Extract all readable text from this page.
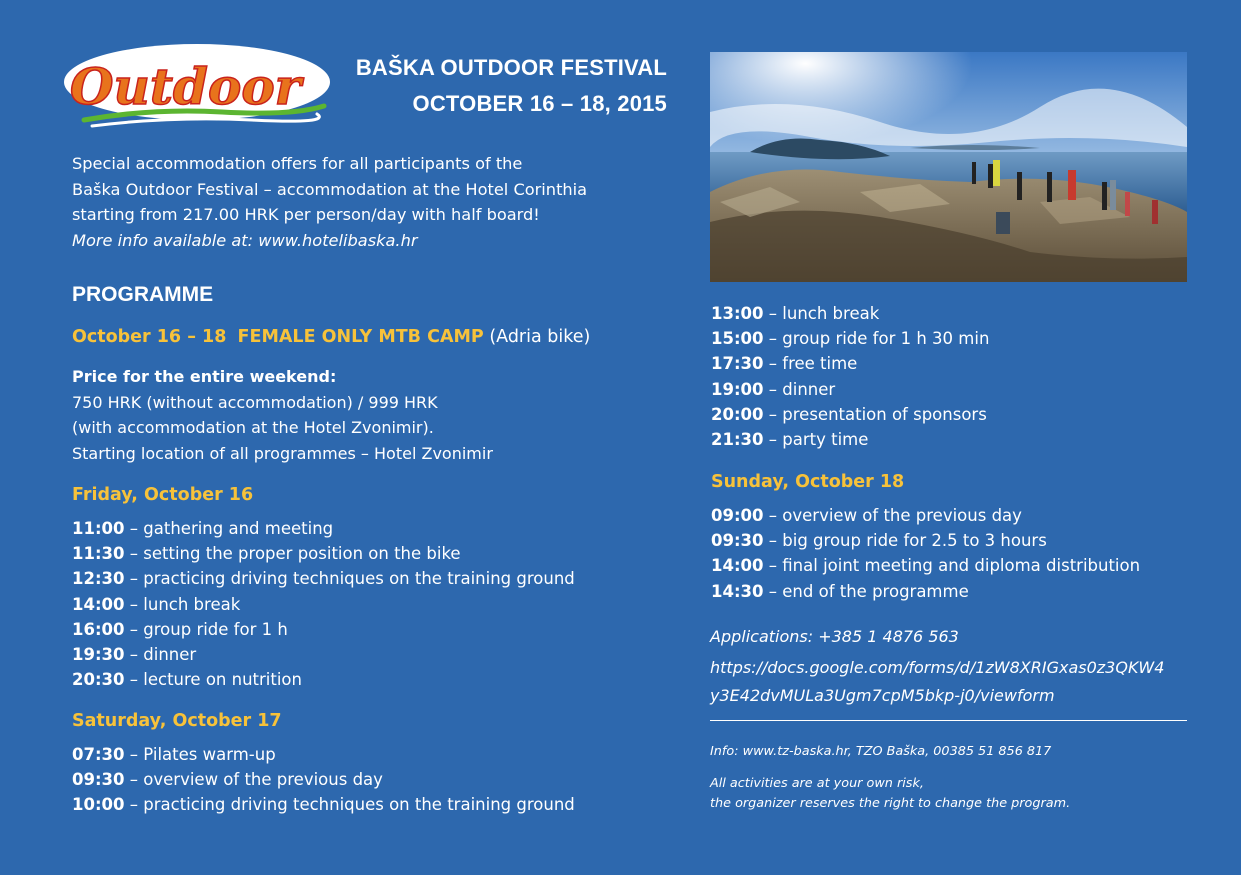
Outdoor BAŠKA OUTDOOR FESTIVAL
OCTOBER 16 – 18, 2015
Special accommodation offers for all participants of the
Baška Outdoor Festival – accommodation at the Hotel Corinthia
starting from 217.00 HRK per person/day with half board!
More info available at: www.hotelibaska.hr
PROGRAMME
October 16 – 18 FEMALE ONLY MTB CAMP (Adria bike)
Price for the entire weekend:
750 HRK (without accommodation) / 999 HRK
(with accommodation at the Hotel Zvonimir).
Starting location of all programmes – Hotel Zvonimir
Friday, October 16
11:00 – gathering and meeting
11:30 – setting the proper position on the bike
12:30 – practicing driving techniques on the training ground
14:00 – lunch break
16:00 – group ride for 1 h
19:30 – dinner
20:30 – lecture on nutrition
Saturday, October 17
07:30 – Pilates warm-up
09:30 – overview of the previous day
10:00 – practicing driving techniques on the training ground
13:00 – lunch break
15:00 – group ride for 1 h 30 min
17:30 – free time
19:00 – dinner
20:00 – presentation of sponsors
21:30 – party time
Sunday, October 18
09:00 – overview of the previous day
09:30 – big group ride for 2.5 to 3 hours
14:00 – final joint meeting and diploma distribution
14:30 – end of the programme
Applications: +385 1 4876 563
https://docs.google.com/forms/d/1zW8XRIGxas0z3QKW4
y3E42dvMULa3Ugm7cpM5bkp-j0/viewform
Info: www.tz-baska.hr, TZO Baška, 00385 51 856 817
All activities are at your own risk,
the organizer reserves the right to change the program.
